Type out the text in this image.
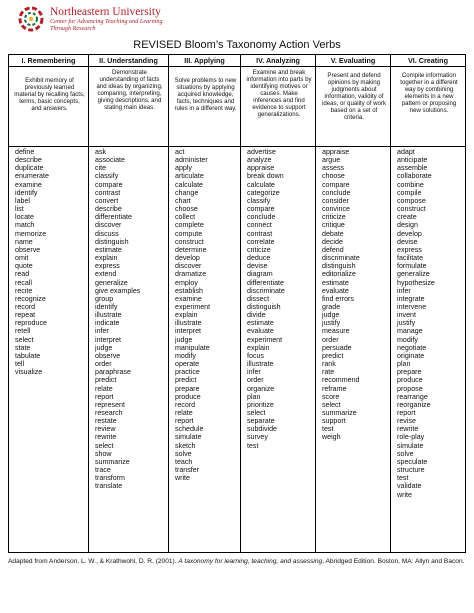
Northeastern University
Center for Advancing Teaching and Learning
Through Research
REVISED Bloom’s Taxonomy Action Verbs
I. Remembering
Exhibit memory of previously learned material by recalling facts, terms, basic concepts, and answers.
define
describe
duplicate
enumerate
examine
identify
label
list
locate
match
memorize
name
observe
omit
quote
read
recall
recite
recognize
record
repeat
reproduce
retell
select
state
tabulate
tell
visualize
II. Understanding
Demonstrate understanding of facts and ideas by organizing, comparing, interpreting, giving descriptions, and stating main ideas.
ask
associate
cite
classify
compare
contrast
convert
describe
differentiate
discover
discuss
distinguish
estimate
explain
express
extend
generalize
give examples
group
identify
illustrate
indicate
infer
interpret
judge
observe
order
paraphrase
predict
relate
report
represent
research
restate
review
rewrite
select
show
summarize
trace
transform
translate
III. Applying
Solve problems to new situations by applying acquired knowledge, facts, techniques and rules in a different way.
act
administer
apply
articulate
calculate
change
chart
choose
collect
complete
compute
construct
determine
develop
discover
dramatize
employ
establish
examine
experiment
explain
illustrate
interpret
judge
manipulate
modify
operate
practice
predict
prepare
produce
record
relate
report
schedule
simulate
sketch
solve
teach
transfer
write
IV. Analyzing
Examine and break information into parts by identifying motives or causes. Make inferences and find evidence to support generalizations.
advertise
analyze
appraise
break down
calculate
categorize
classify
compare
conclude
connect
contrast
correlate
criticize
deduce
devise
diagram
differentiate
discriminate
dissect
distinguish
divide
estimate
evaluate
experiment
explain
focus
illustrate
infer
order
organize
plan
prioritize
select
separate
subdivide
survey
test
V. Evaluating
Present and defend opinions by making judgments about information, validity of ideas, or quality of work based on a set of criteria.
appraise
argue
assess
choose
compare
conclude
consider
convince
criticize
critique
debate
decide
defend
discriminate
distinguish
editorialize
estimate
evaluate
find errors
grade
judge
justify
measure
order
persuade
predict
rank
rate
recommend
reframe
score
select
summarize
support
test
weigh
VI. Creating
Compile information together in a different way by combining elements in a new pattern or proposing new solutions.
adapt
anticipate
assemble
collaborate
combine
compile
compose
construct
create
design
develop
devise
express
facilitate
formulate
generalize
hypothesize
infer
integrate
intervene
invent
justify
manage
modify
negotiate
originate
plan
prepare
produce
propose
rearrange
reorganize
report
revise
rewrite
role-play
simulate
solve
speculate
structure
test
validate
write
Adapted from Anderson, L. W., & Krathwohl, D. R. (2001). A taxonomy for learning, teaching, and assessing, Abridged Edition. Boston, MA: Allyn and Bacon.
